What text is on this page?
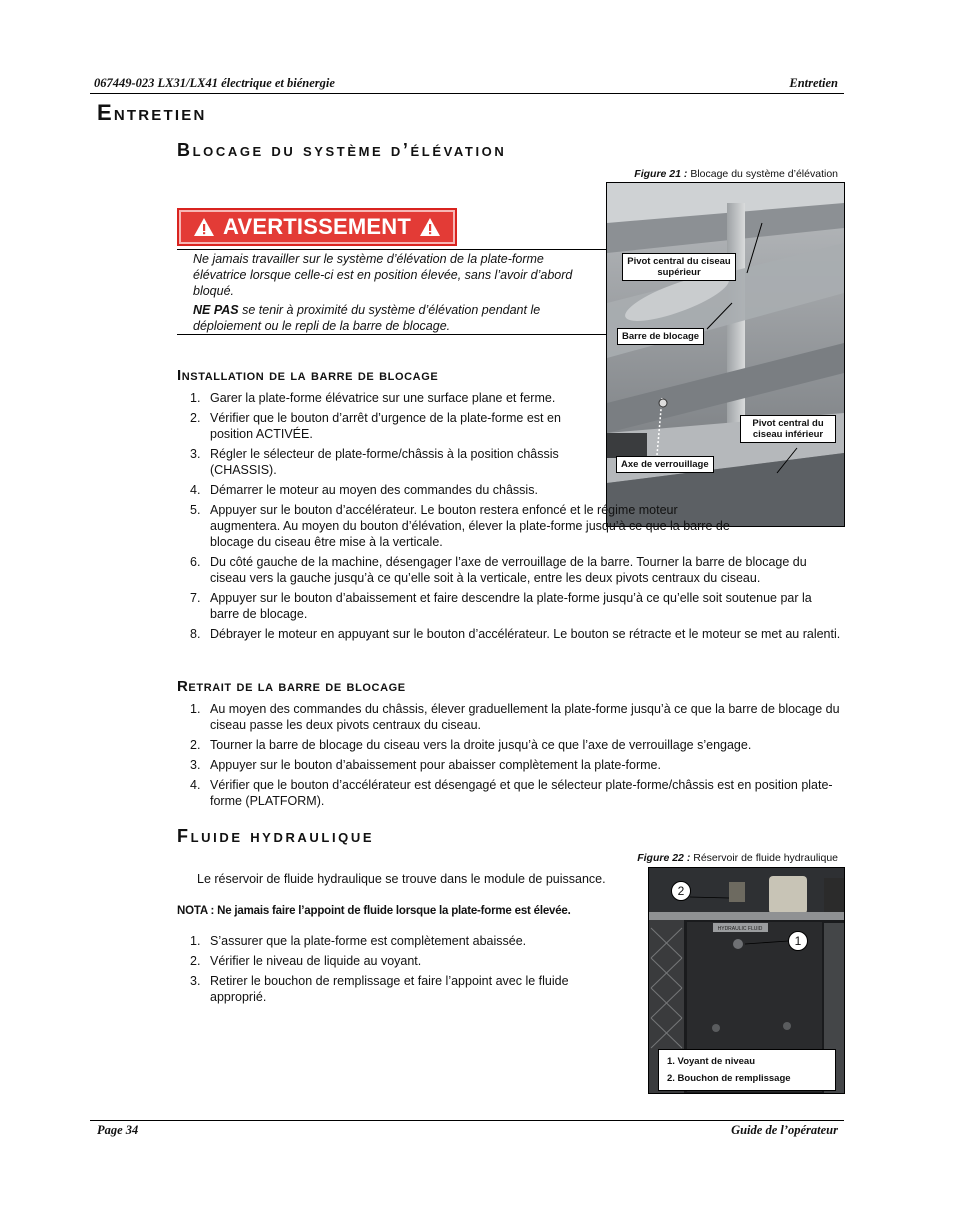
067449-023 LX31/LX41 électrique et biénergie	Entretien
Entretien
Blocage du système d’élévation
Figure 21 : Blocage du système d’élévation
Pivot central du ciseau supérieur
Barre de blocage
Pivot central du ciseau inférieur
Axe de verrouillage
AVERTISSEMENT
Ne jamais travailler sur le système d’élévation de la plate-forme élévatrice lorsque celle-ci est en position élevée, sans l’avoir d’abord bloqué.
NE PAS se tenir à proximité du système d’élévation pendant le déploiement ou le repli de la barre de blocage.
Installation de la barre de blocage
1. Garer la plate-forme élévatrice sur une surface plane et ferme.
2. Vérifier que le bouton d’arrêt d’urgence de la plate-forme est en position ACTIVÉE.
3. Régler le sélecteur de plate-forme/châssis à la position châssis (CHASSIS).
4. Démarrer le moteur au moyen des commandes du châssis.
5. Appuyer sur le bouton d’accélérateur. Le bouton restera enfoncé et le régime moteur augmentera. Au moyen du bouton d’élévation, élever la plate-forme jusqu’à ce que la barre de blocage du ciseau être mise à la verticale.
6. Du côté gauche de la machine, désengager l’axe de verrouillage de la barre. Tourner la barre de blocage du ciseau vers la gauche jusqu’à ce qu’elle soit à la verticale, entre les deux pivots centraux du ciseau.
7. Appuyer sur le bouton d’abaissement et faire descendre la plate-forme jusqu’à ce qu’elle soit soutenue par la barre de blocage.
8. Débrayer le moteur en appuyant sur le bouton d’accélérateur. Le bouton se rétracte et le moteur se met au ralenti.
Retrait de la barre de blocage
1. Au moyen des commandes du châssis, élever graduellement la plate-forme jusqu’à ce que la barre de blocage du ciseau passe les deux pivots centraux du ciseau.
2. Tourner la barre de blocage du ciseau vers la droite jusqu’à ce que l’axe de verrouillage s’engage.
3. Appuyer sur le bouton d’abaissement pour abaisser complètement la plate-forme.
4. Vérifier que le bouton d’accélérateur est désengagé et que le sélecteur plate-forme/châssis est en position plate-forme (PLATFORM).
Fluide hydraulique
Figure 22 : Réservoir de fluide hydraulique
Le réservoir de fluide hydraulique se trouve dans le module de puissance.
NOTA : Ne jamais faire l’appoint de fluide lorsque la plate-forme est élevée.
1. S’assurer que la plate-forme est complètement abaissée.
2. Vérifier le niveau de liquide au voyant.
3. Retirer le bouchon de remplissage et faire l’appoint avec le fluide approprié.
HYDRAULIC FLUID
2
1
1. Voyant de niveau
2. Bouchon de remplissage
Page 34	Guide de l’opérateur
